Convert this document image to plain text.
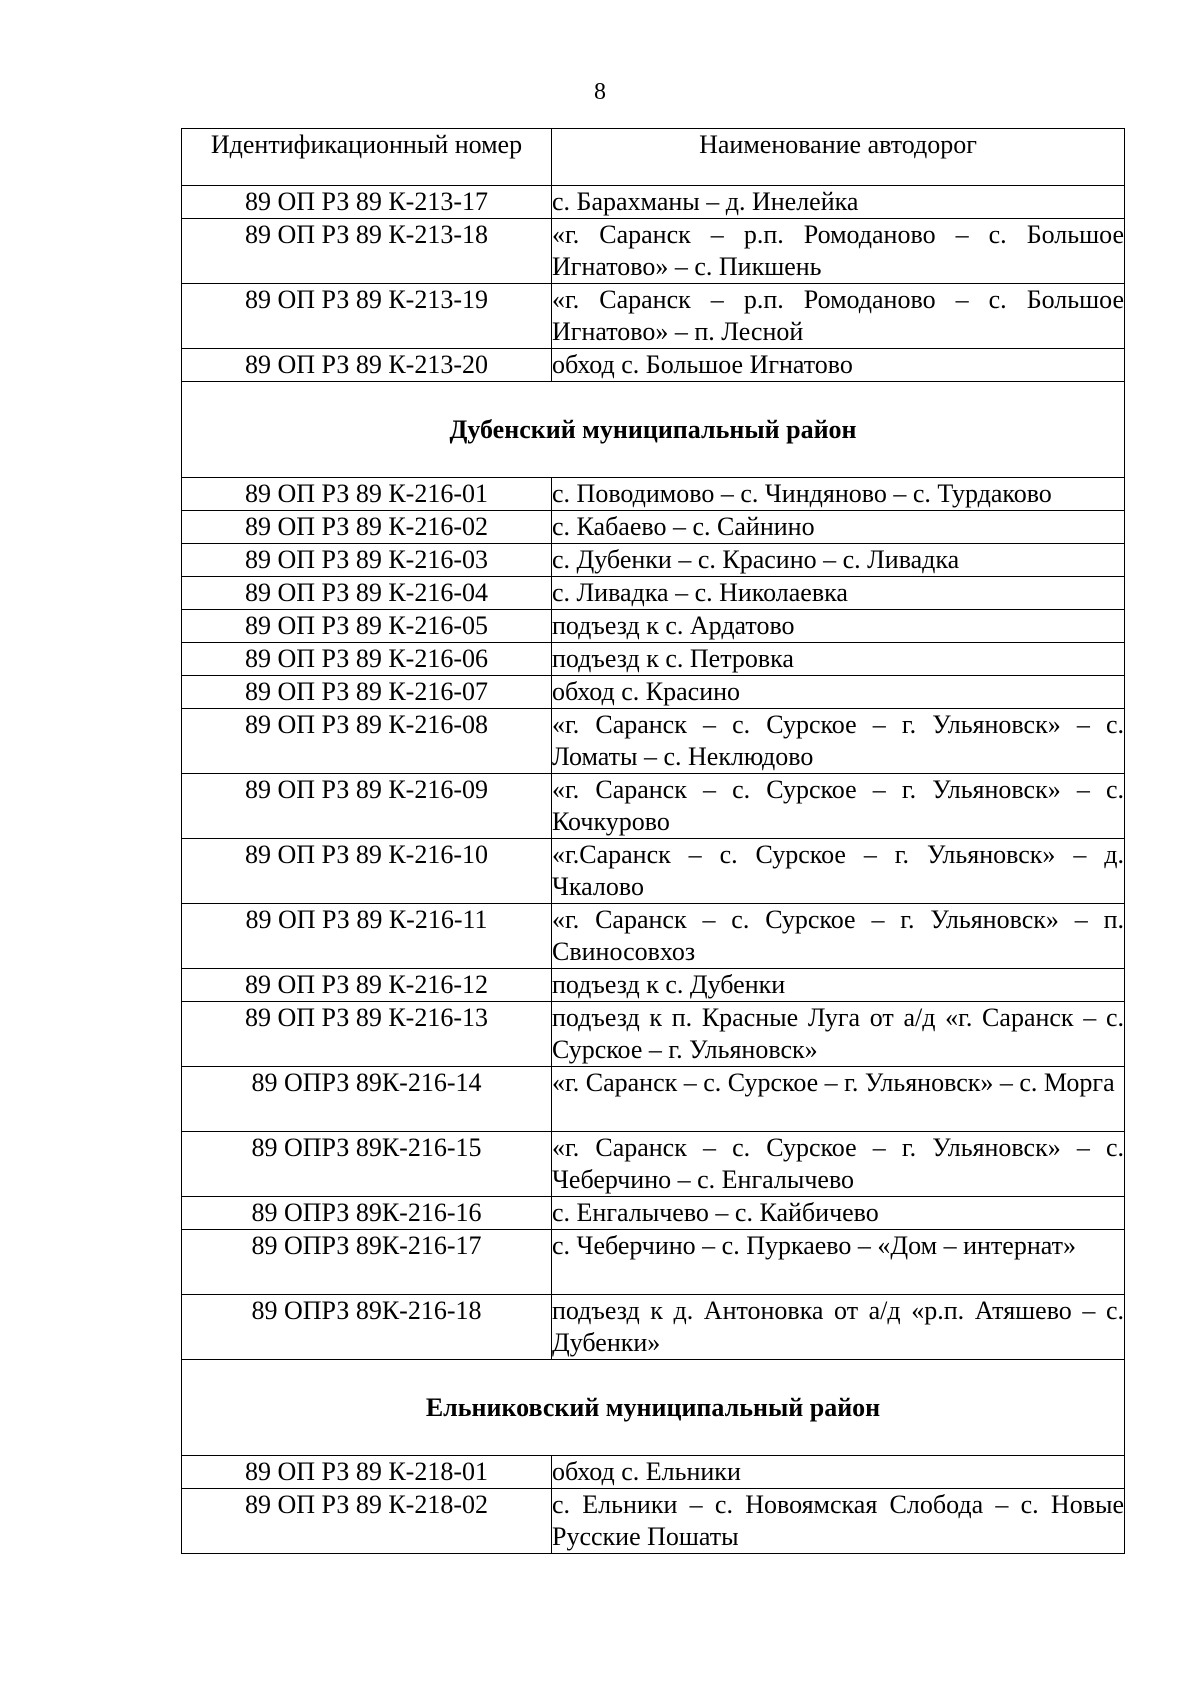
8
Идентификационный номер	Наименование автодорог
89 ОП РЗ 89 К-213-17	с. Барахманы – д. Инелейка
89 ОП РЗ 89 К-213-18	«г. Саранск – р.п. Ромоданово – с. Большое Игнатово» – с. Пикшень
89 ОП РЗ 89 К-213-19	«г. Саранск – р.п. Ромоданово – с. Большое Игнатово» – п. Лесной
89 ОП РЗ 89 К-213-20	обход с. Большое Игнатово
Дубенский муниципальный район	
89 ОП РЗ 89 К-216-01	с. Поводимово – с. Чиндяново – с. Турдаково
89 ОП РЗ 89 К-216-02	с. Кабаево – с. Сайнино
89 ОП РЗ 89 К-216-03	с. Дубенки – с. Красино – с. Ливадка
89 ОП РЗ 89 К-216-04	с. Ливадка – с. Николаевка
89 ОП РЗ 89 К-216-05	подъезд к с. Ардатово
89 ОП РЗ 89 К-216-06	подъезд к с. Петровка
89 ОП РЗ 89 К-216-07	обход с. Красино
89 ОП РЗ 89 К-216-08	«г. Саранск – с. Сурское – г. Ульяновск» – с. Ломаты – с. Неклюдово
89 ОП РЗ 89 К-216-09	«г. Саранск – с. Сурское – г. Ульяновск» – с. Кочкурово
89 ОП РЗ 89 К-216-10	«г.Саранск – с. Сурское – г. Ульяновск» – д. Чкалово
89 ОП РЗ 89 К-216-11	«г. Саранск – с. Сурское – г. Ульяновск» – п. Свиносовхоз
89 ОП РЗ 89 К-216-12	подъезд к с. Дубенки
89 ОП РЗ 89 К-216-13	подъезд к п. Красные Луга от а/д «г. Саранск – с. Сурское – г. Ульяновск»
89 ОПРЗ 89К-216-14	«г. Саранск – с. Сурское – г. Ульяновск» – с. Морга
89 ОПРЗ 89К-216-15	«г. Саранск – с. Сурское – г. Ульяновск» – с. Чеберчино – с. Енгалычево
89 ОПРЗ 89К-216-16	с. Енгалычево – с. Кайбичево
89 ОПРЗ 89К-216-17	с. Чеберчино – с. Пуркаево – «Дом – интернат»
89 ОПРЗ 89К-216-18	подъезд к д. Антоновка от а/д «р.п. Атяшево – с. Дубенки»
Ельниковский муниципальный район	
89 ОП РЗ 89 К-218-01	обход с. Ельники
89 ОП РЗ 89 К-218-02	с. Ельники – с. Новоямская Слобода – с. Новые Русские Пошаты
